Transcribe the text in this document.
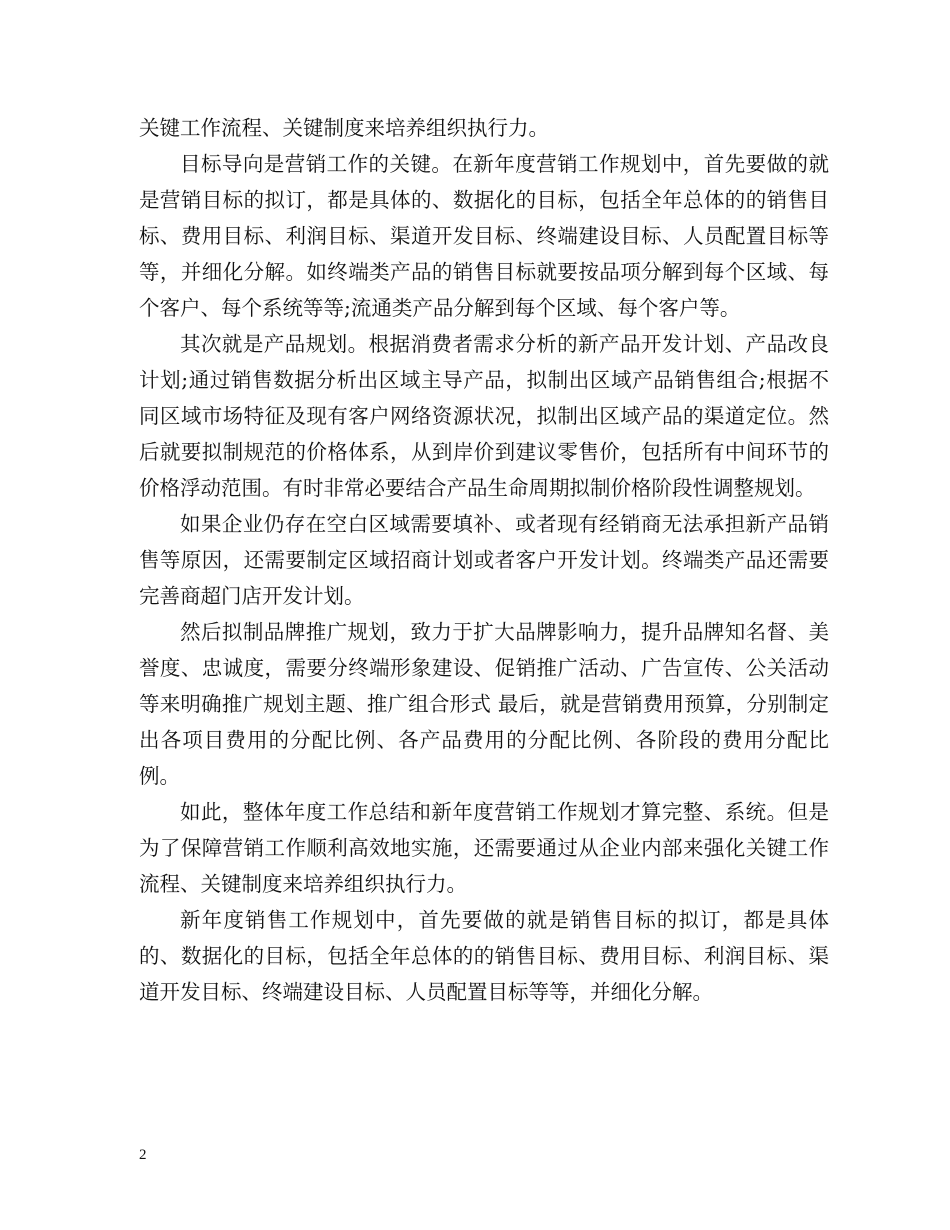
关键工作流程、关键制度来培养组织执行力。

目标导向是营销工作的关键。在新年度营销工作规划中，首先要做的就是营销目标的拟订，都是具体的、数据化的目标，包括全年总体的的销售目标、费用目标、利润目标、渠道开发目标、终端建设目标、人员配置目标等等，并细化分解。如终端类产品的销售目标就要按品项分解到每个区域、每个客户、每个系统等等;流通类产品分解到每个区域、每个客户等。

其次就是产品规划。根据消费者需求分析的新产品开发计划、产品改良计划;通过销售数据分析出区域主导产品，拟制出区域产品销售组合;根据不同区域市场特征及现有客户网络资源状况，拟制出区域产品的渠道定位。然后就要拟制规范的价格体系，从到岸价到建议零售价，包括所有中间环节的价格浮动范围。有时非常必要结合产品生命周期拟制价格阶段性调整规划。

如果企业仍存在空白区域需要填补、或者现有经销商无法承担新产品销售等原因，还需要制定区域招商计划或者客户开发计划。终端类产品还需要完善商超门店开发计划。

然后拟制品牌推广规划，致力于扩大品牌影响力，提升品牌知名督、美誉度、忠诚度，需要分终端形象建设、促销推广活动、广告宣传、公关活动等来明确推广规划主题、推广组合形式 最后，就是营销费用预算，分别制定出各项目费用的分配比例、各产品费用的分配比例、各阶段的费用分配比例。

如此，整体年度工作总结和新年度营销工作规划才算完整、系统。但是为了保障营销工作顺利高效地实施，还需要通过从企业内部来强化关键工作流程、关键制度来培养组织执行力。

新年度销售工作规划中，首先要做的就是销售目标的拟订，都是具体的、数据化的目标，包括全年总体的的销售目标、费用目标、利润目标、渠道开发目标、终端建设目标、人员配置目标等等，并细化分解。

2
